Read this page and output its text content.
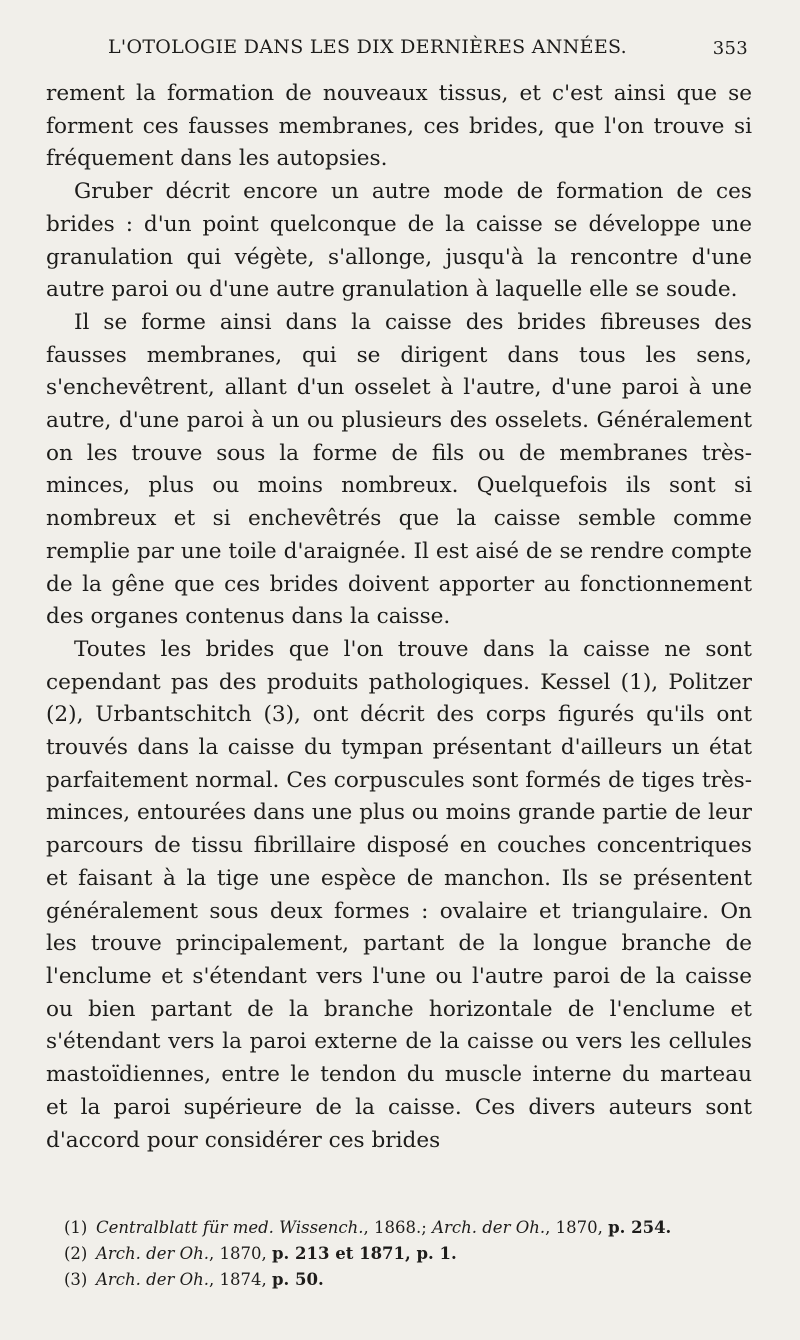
L'OTOLOGIE DANS LES DIX DERNIÈRES ANNÉES.	353

rement la formation de nouveaux tissus, et c'est ainsi que se forment ces fausses membranes, ces brides, que l'on trouve si fréquement dans les autopsies.

Gruber décrit encore un autre mode de formation de ces brides : d'un point quelconque de la caisse se développe une granulation qui végète, s'allonge, jusqu'à la rencontre d'une autre paroi ou d'une autre granulation à laquelle elle se soude.

Il se forme ainsi dans la caisse des brides fibreuses des fausses membranes, qui se dirigent dans tous les sens, s'enchevêtrent, allant d'un osselet à l'autre, d'une paroi à une autre, d'une paroi à un ou plusieurs des osselets. Généralement on les trouve sous la forme de fils ou de membranes très-minces, plus ou moins nombreux. Quelquefois ils sont si nombreux et si enchevêtrés que la caisse semble comme remplie par une toile d'araignée. Il est aisé de se rendre compte de la gêne que ces brides doivent apporter au fonctionnement des organes contenus dans la caisse.

Toutes les brides que l'on trouve dans la caisse ne sont cependant pas des produits pathologiques. Kessel (1), Politzer (2), Urbantschitch (3), ont décrit des corps figurés qu'ils ont trouvés dans la caisse du tympan présentant d'ailleurs un état parfaitement normal. Ces corpuscules sont formés de tiges très-minces, entourées dans une plus ou moins grande partie de leur parcours de tissu fibrillaire disposé en couches concentriques et faisant à la tige une espèce de manchon. Ils se présentent généralement sous deux formes : ovalaire et triangulaire. On les trouve principalement, partant de la longue branche de l'enclume et s'étendant vers l'une ou l'autre paroi de la caisse ou bien partant de la branche horizontale de l'enclume et s'étendant vers la paroi externe de la caisse ou vers les cellules mastoïdiennes, entre le tendon du muscle interne du marteau et la paroi supérieure de la caisse. Ces divers auteurs sont d'accord pour considérer ces brides

(1) Centralblatt für med. Wissench., 1868.; Arch. der Oh., 1870, p. 254.
(2) Arch. der Oh., 1870, p. 213 et 1871, p. 1.
(3) Arch. der Oh., 1874, p. 50.
